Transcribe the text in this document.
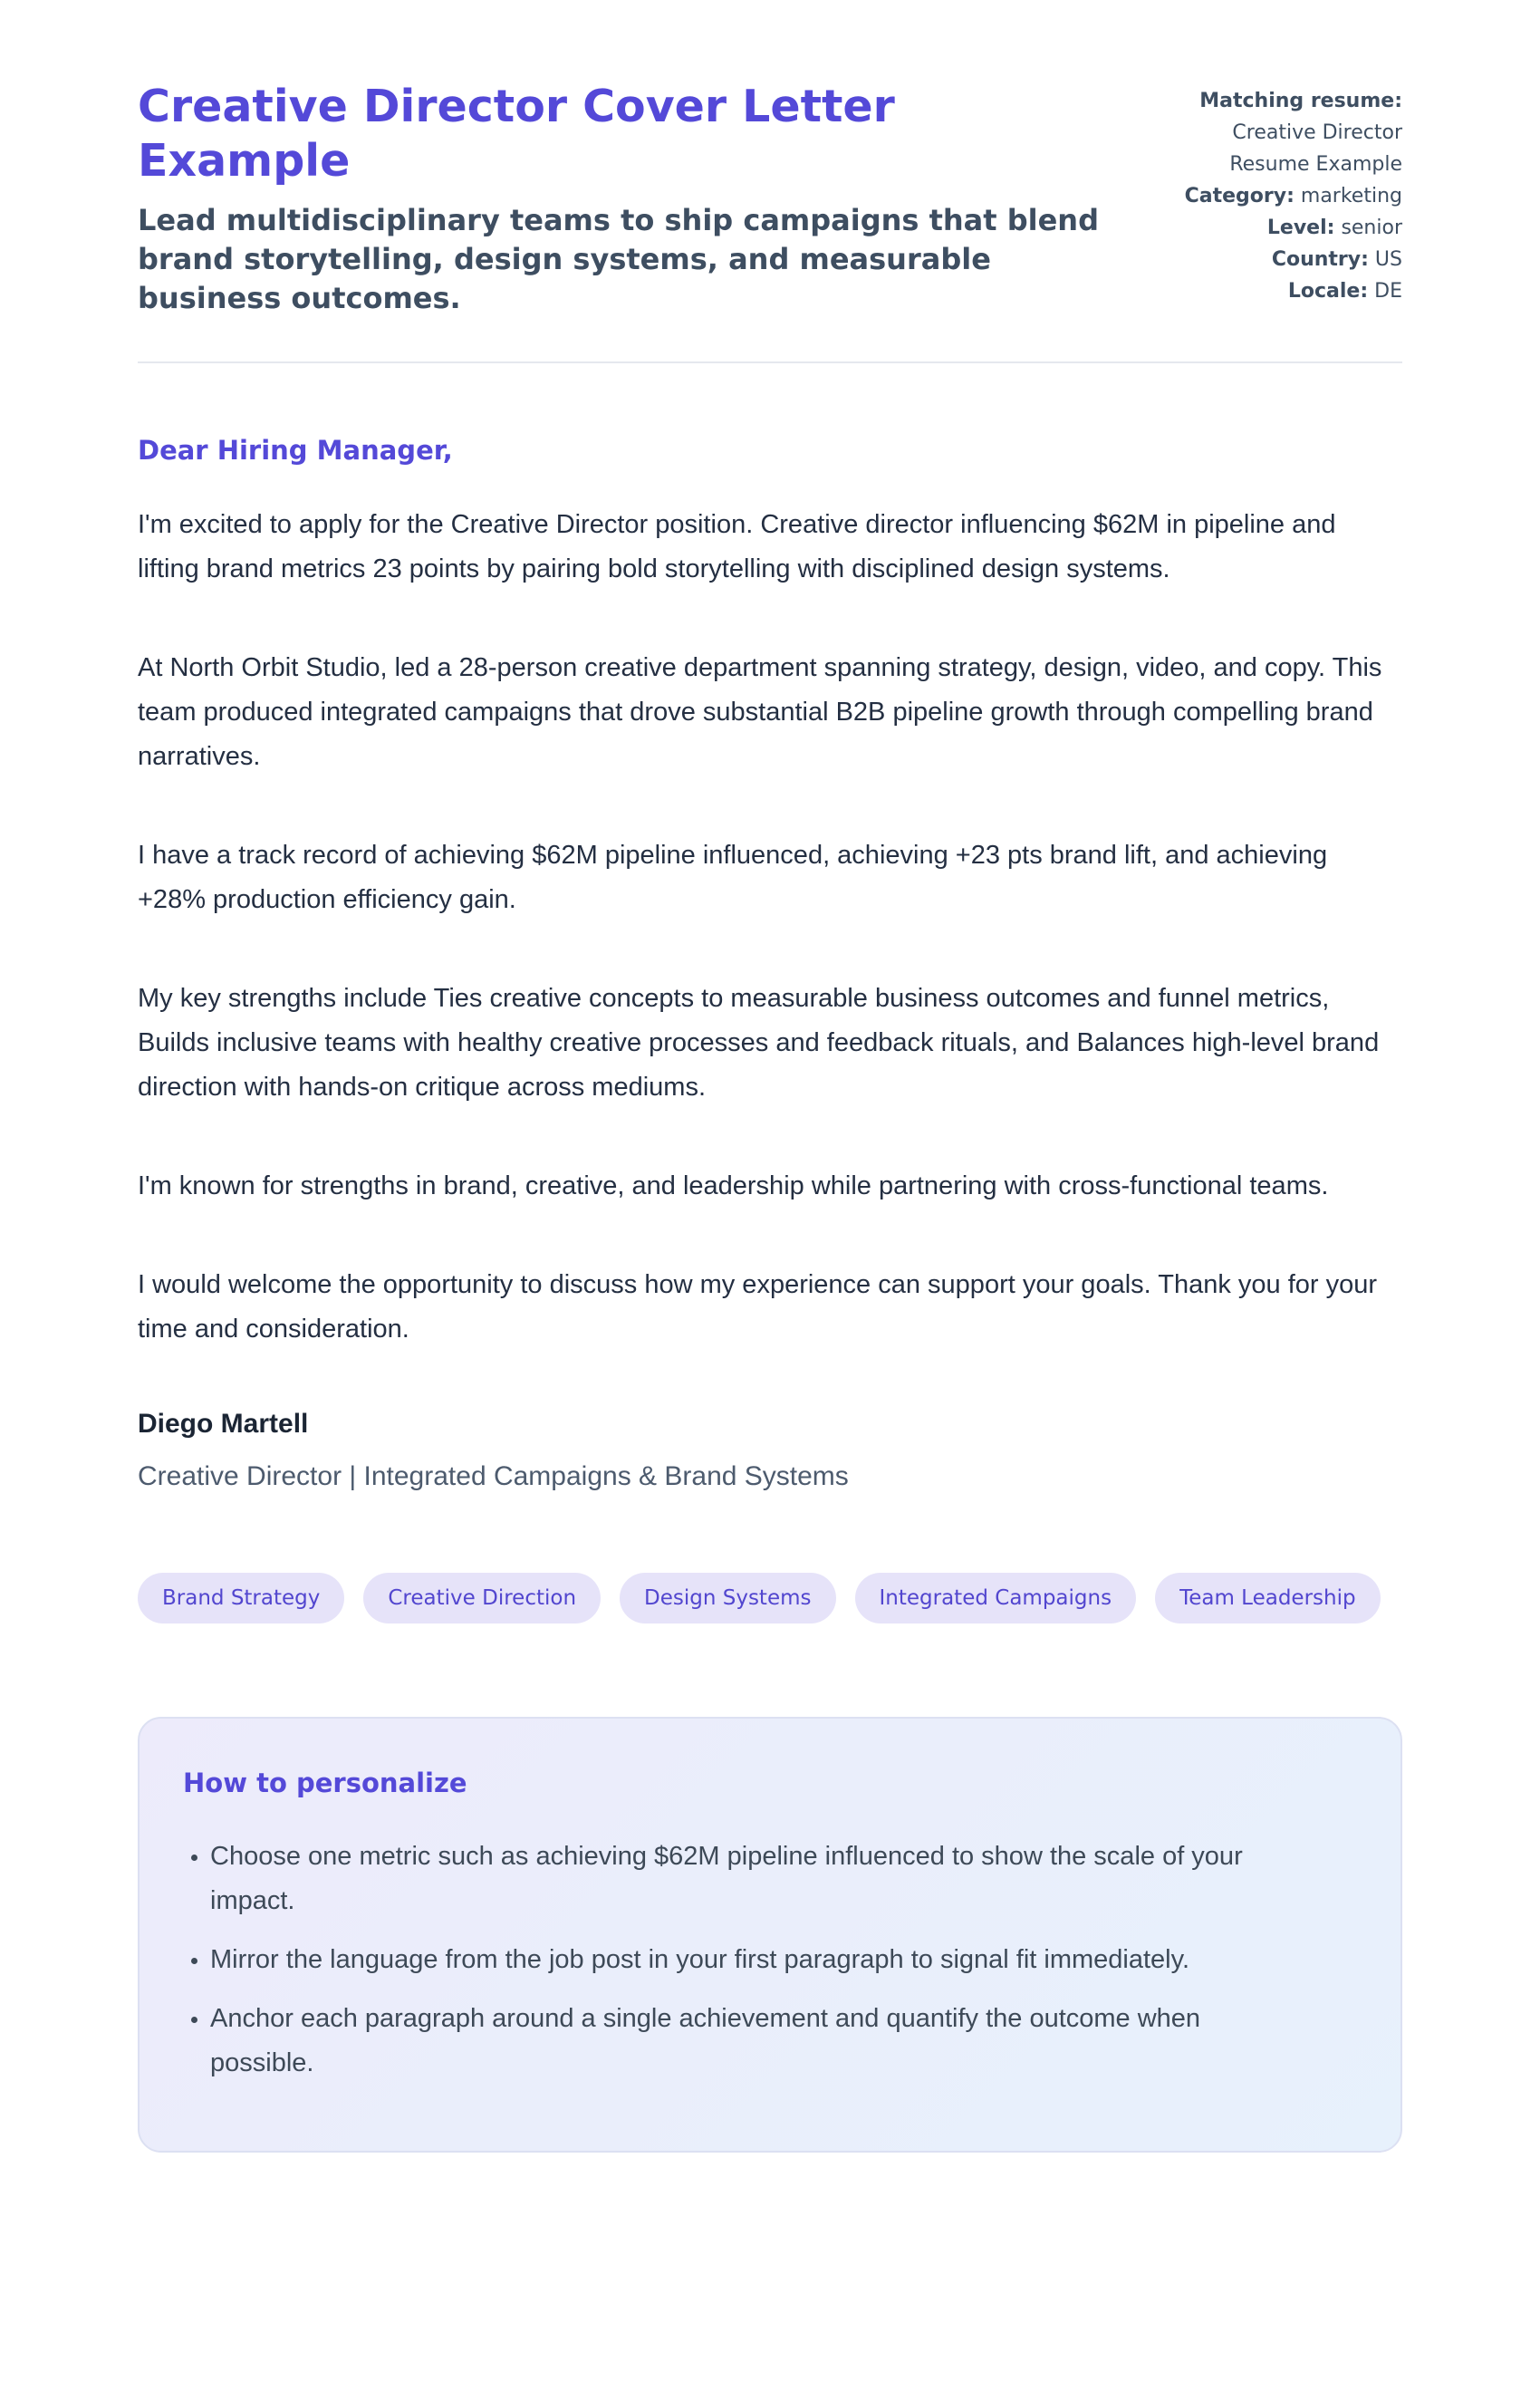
Creative Director Cover Letter Example

Lead multidisciplinary teams to ship campaigns that blend brand storytelling, design systems, and measurable business outcomes.

Matching resume: Creative Director Resume Example
Category: marketing
Level: senior
Country: US
Locale: DE

Dear Hiring Manager,

I'm excited to apply for the Creative Director position. Creative director influencing $62M in pipeline and lifting brand metrics 23 points by pairing bold storytelling with disciplined design systems.

At North Orbit Studio, led a 28-person creative department spanning strategy, design, video, and copy. This team produced integrated campaigns that drove substantial B2B pipeline growth through compelling brand narratives.

I have a track record of achieving $62M pipeline influenced, achieving +23 pts brand lift, and achieving +28% production efficiency gain.

My key strengths include Ties creative concepts to measurable business outcomes and funnel metrics, Builds inclusive teams with healthy creative processes and feedback rituals, and Balances high-level brand direction with hands-on critique across mediums.

I'm known for strengths in brand, creative, and leadership while partnering with cross-functional teams.

I would welcome the opportunity to discuss how my experience can support your goals. Thank you for your time and consideration.

Diego Martell

Creative Director | Integrated Campaigns & Brand Systems

Brand Strategy	Creative Direction	Design Systems	Integrated Campaigns	Team Leadership
How to personalize
• Choose one metric such as achieving $62M pipeline influenced to show the scale of your impact.
• Mirror the language from the job post in your first paragraph to signal fit immediately.
• Anchor each paragraph around a single achievement and quantify the outcome when possible.
